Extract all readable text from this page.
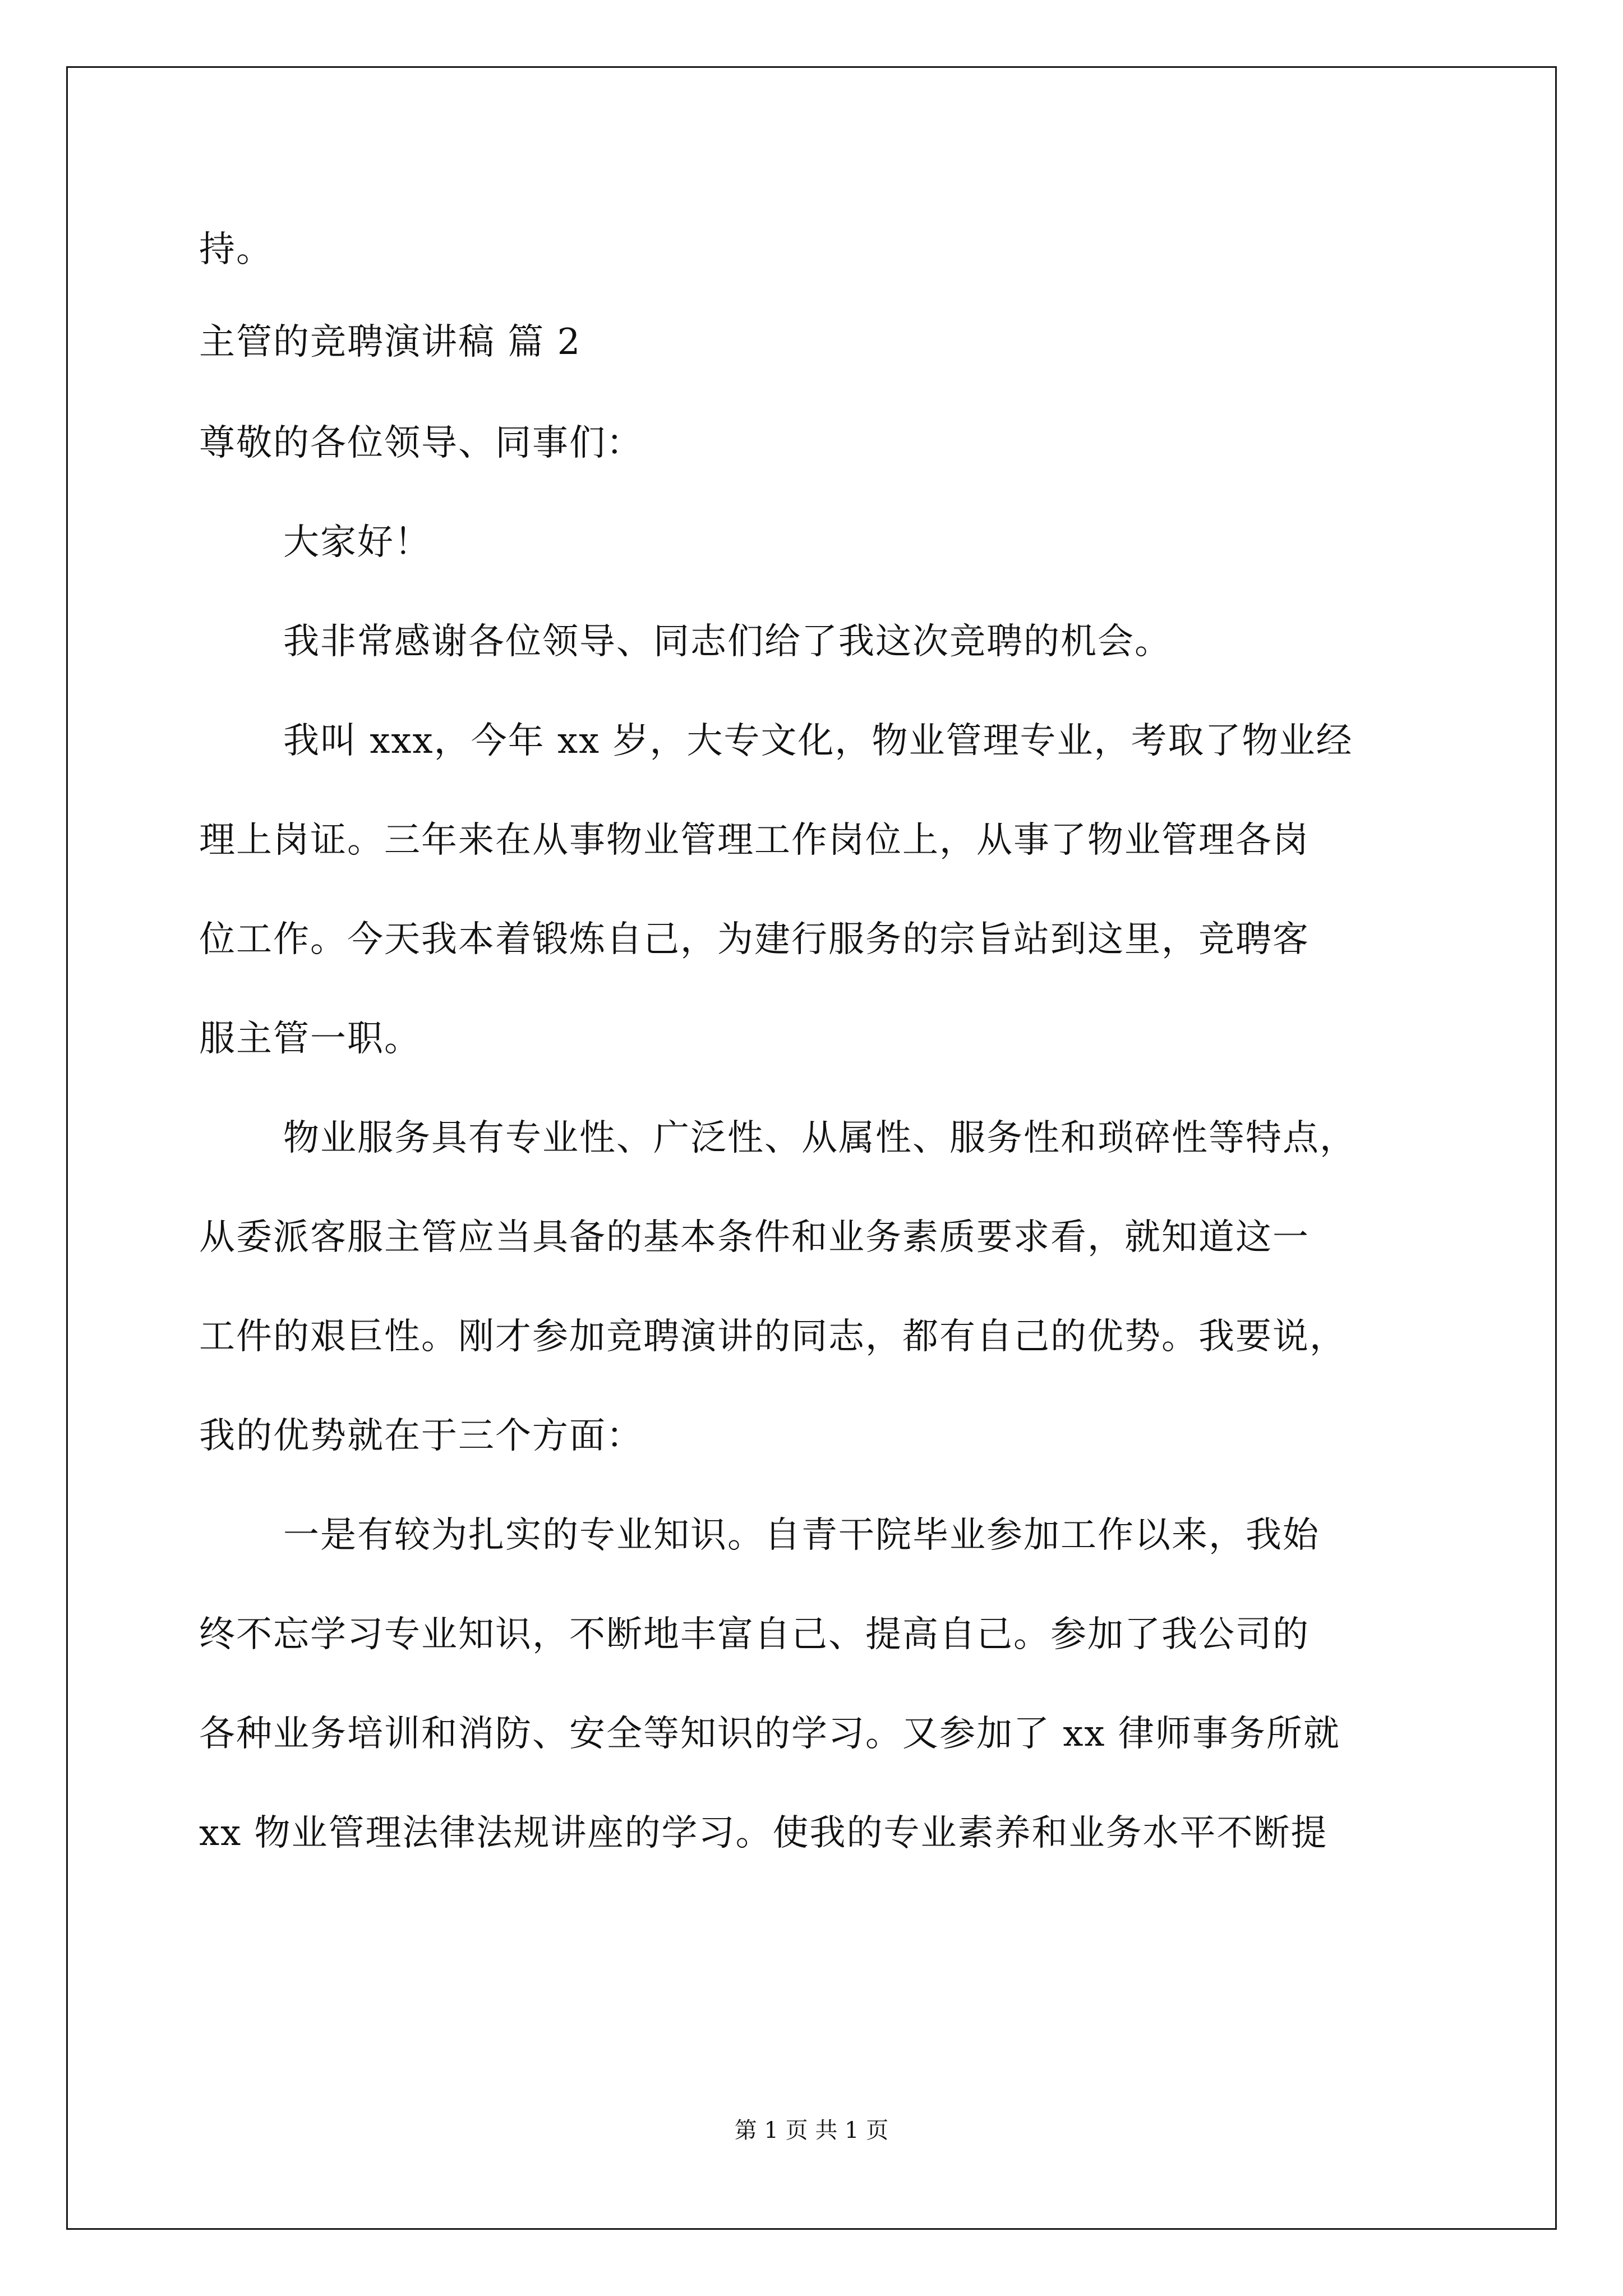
持。
主管的竞聘演讲稿 篇 2
尊敬的各位领导、同事们：
大家好！
我非常感谢各位领导、同志们给了我这次竞聘的机会。
我叫 xxx，今年 xx 岁，大专文化，物业管理专业，考取了物业经
理上岗证。三年来在从事物业管理工作岗位上，从事了物业管理各岗
位工作。今天我本着锻炼自己，为建行服务的宗旨站到这里，竞聘客
服主管一职。
物业服务具有专业性、广泛性、从属性、服务性和琐碎性等特点，
从委派客服主管应当具备的基本条件和业务素质要求看，就知道这一
工件的艰巨性。刚才参加竞聘演讲的同志，都有自己的优势。我要说，
我的优势就在于三个方面：
一是有较为扎实的专业知识。自青干院毕业参加工作以来，我始
终不忘学习专业知识，不断地丰富自己、提高自己。参加了我公司的
各种业务培训和消防、安全等知识的学习。又参加了 xx 律师事务所就
xx 物业管理法律法规讲座的学习。使我的专业素养和业务水平不断提
第 1 页 共 1 页
